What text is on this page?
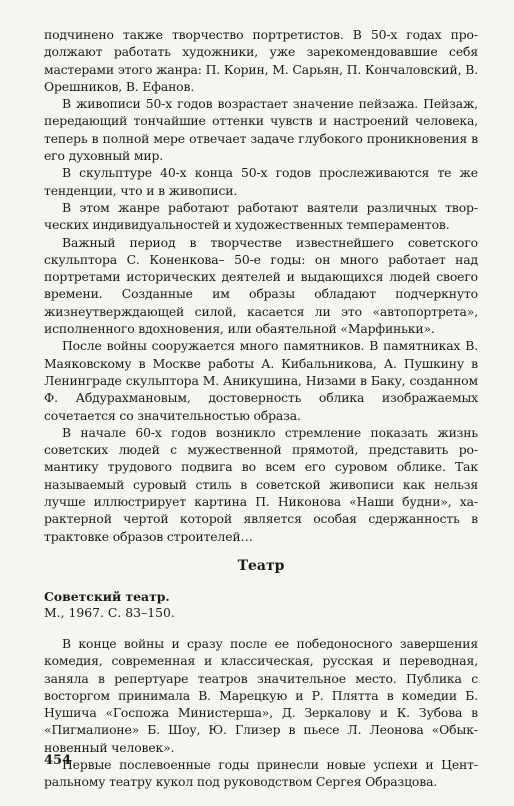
подчинено также творчество портретистов. В 50-х годах продолжают работать художники, уже зарекомендовавшие себя мастерами этого жанра: П. Корин, М. Сарьян, П. Кончаловский, В. Орешников, В. Ефанов.

В живописи 50-х годов возрастает значение пейзажа. Пейзаж, передающий тончайшие оттенки чувств и настроений человека, теперь в полной мере отвечает задаче глубокого проникновения в его духовный мир.

В скульптуре 40-х конца 50-х годов прослеживаются те же тенденции, что и в живописи.

В этом жанре работают работают ваятели различных творческих индивидуальностей и художественных темпераментов.

Важный период в творчестве известнейшего советского скульптора С. Коненкова– 50-е годы: он много работает над портретами исторических деятелей и выдающихся людей своего времени. Созданные им образы обладают подчеркнуто жизнеутверждающей силой, касается ли это «автопортрета», исполненного вдохновения, или обаятельной «Марфиньки».

После войны сооружается много памятников. В памятниках В. Маяковскому в Москве работы А. Кибальникова, А. Пушкину в Ленинграде скульптора М. Аникушина, Низами в Баку, созданном Ф. Абдурахмановым, достоверность облика изображаемых сочетается со значительностью образа.

В начале 60-х годов возникло стремление показать жизнь советских людей с мужественной прямотой, представить романтику трудового подвига во всем его суровом облике. Так называемый суровый стиль в советской живописи как нельзя лучше иллюстрирует картина П. Никонова «Наши будни», характерной чертой которой является особая сдержанность в трактовке образов строителей…

Театр

Советский театр.

М., 1967. С. 83–150.

В конце войны и сразу после ее победоносного завершения комедия, современная и классическая, русская и переводная, заняла в репертуаре театров значительное место. Публика с восторгом принимала В. Марецкую и Р. Плятта в комедии Б. Нушича «Госпожа Министерша», Д. Зеркалову и К. Зубова в «Пигмалионе» Б. Шоу, Ю. Глизер в пьесе Л. Леонова «Обыкновенный человек».

Первые послевоенные годы принесли новые успехи и Центральному театру кукол под руководством Сергея Образцова.

454
